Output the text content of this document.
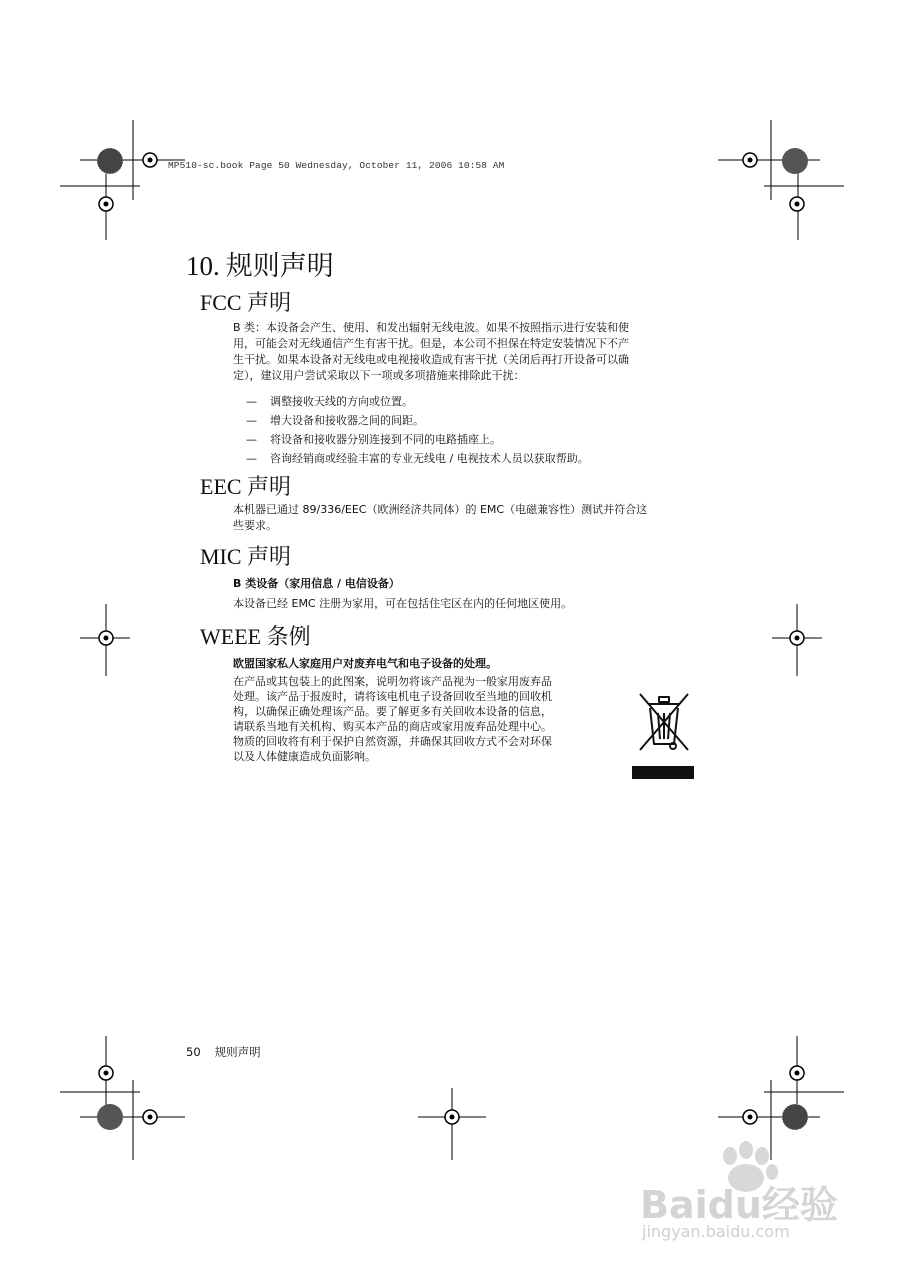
MP510-sc.book Page 50 Wednesday, October 11, 2006 10:58 AM
10. 规则声明
FCC 声明
B 类：本设备会产生、使用、和发出辐射无线电波。如果不按照指示进行安装和使
用，可能会对无线通信产生有害干扰。但是，本公司不担保在特定安装情况下不产
生干扰。如果本设备对无线电或电视接收造成有害干扰（关闭后再打开设备可以确
定），建议用户尝试采取以下一项或多项措施来排除此干扰：
— 调整接收天线的方向或位置。
— 增大设备和接收器之间的间距。
— 将设备和接收器分别连接到不同的电路插座上。
— 咨询经销商或经验丰富的专业无线电 / 电视技术人员以获取帮助。
EEC 声明
本机器已通过 89/336/EEC（欧洲经济共同体）的 EMC（电磁兼容性）测试并符合这
些要求。
MIC 声明
B 类设备（家用信息 / 电信设备）
本设备已经 EMC 注册为家用，可在包括住宅区在内的任何地区使用。
WEEE 条例
欧盟国家私人家庭用户对废弃电气和电子设备的处理。
在产品或其包装上的此图案，说明勿将该产品视为一般家用废弃品
处理。该产品于报废时，请将该电机电子设备回收至当地的回收机
构，以确保正确处理该产品。要了解更多有关回收本设备的信息，
请联系当地有关机构、购买本产品的商店或家用废弃品处理中心。
物质的回收将有利于保护自然资源，并确保其回收方式不会对环保
以及人体健康造成负面影响。
50 规则声明
Baidu经验
jingyan.baidu.com
